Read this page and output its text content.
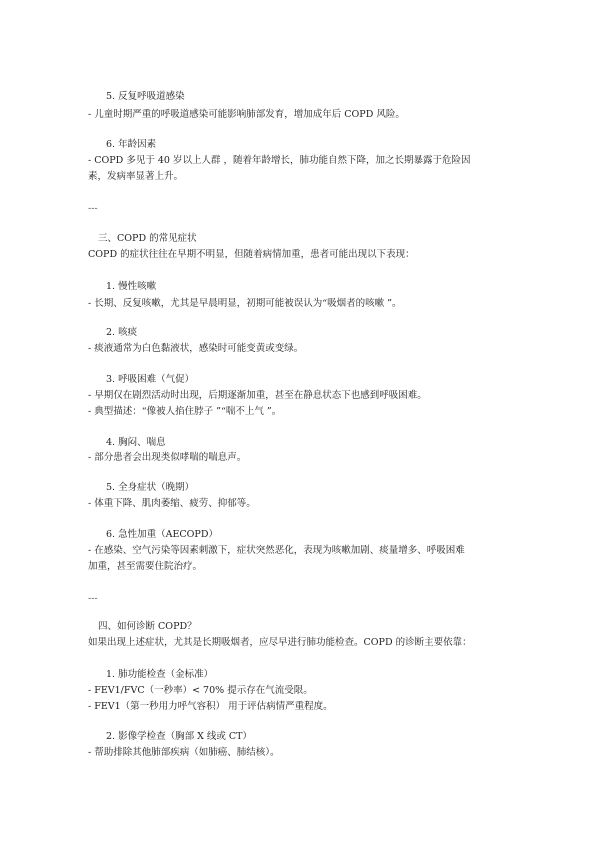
5. 反复呼吸道感染
- 儿童时期严重的呼吸道感染可能影响肺部发育，增加成年后 COPD 风险。
6. 年龄因素
- COPD 多见于 40 岁以上人群 ，随着年龄增长，肺功能自然下降，加之长期暴露于危险因
素，发病率显著上升。
---
三、COPD 的常见症状
COPD 的症状往往在早期不明显，但随着病情加重，患者可能出现以下表现：
1. 慢性咳嗽
- 长期、反复咳嗽，尤其是早晨明显，初期可能被误认为“吸烟者的咳嗽 ”。
2. 咳痰
- 痰液通常为白色黏液状，感染时可能变黄或变绿。
3. 呼吸困难（气促）
- 早期仅在剧烈活动时出现，后期逐渐加重，甚至在静息状态下也感到呼吸困难。
- 典型描述：“像被人掐住脖子 ”“喘不上气 ”。
4. 胸闷、喘息
- 部分患者会出现类似哮喘的喘息声。
5. 全身症状（晚期）
- 体重下降、肌肉萎缩、疲劳、抑郁等。
6. 急性加重（AECOPD）
- 在感染、空气污染等因素刺激下，症状突然恶化，表现为咳嗽加剧、痰量增多、呼吸困难
加重，甚至需要住院治疗。
---
四、如何诊断 COPD？
如果出现上述症状，尤其是长期吸烟者，应尽早进行肺功能检查。COPD 的诊断主要依靠：
1. 肺功能检查（金标准）
- FEV1/FVC（一秒率）< 70% 提示存在气流受限。
- FEV1（第一秒用力呼气容积） 用于评估病情严重程度。
2. 影像学检查（胸部 X 线或 CT）
- 帮助排除其他肺部疾病（如肺癌、肺结核）。
